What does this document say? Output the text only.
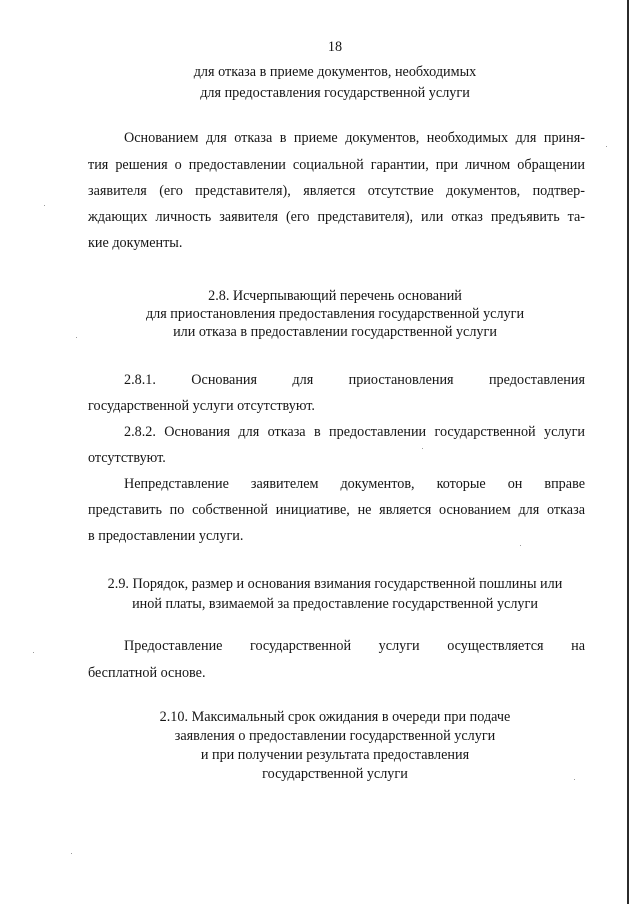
18
для отказа в приеме документов, необходимых
для предоставления государственной услуги
Основанием для отказа в приеме документов, необходимых для приня-
тия решения о предоставлении социальной гарантии, при личном обращении
заявителя (его представителя), является отсутствие документов, подтвер-
ждающих личность заявителя (его представителя), или отказ предъявить та-
кие документы.
2.8. Исчерпывающий перечень оснований
для приостановления предоставления государственной услуги
или отказа в предоставлении государственной услуги
2.8.1. Основания для приостановления предоставления
государственной услуги отсутствуют.
2.8.2. Основания для отказа в предоставлении государственной услуги
отсутствуют.
Непредставление заявителем документов, которые он вправе
представить по собственной инициативе, не является основанием для отказа
в предоставлении услуги.
2.9. Порядок, размер и основания взимания государственной пошлины или
иной платы, взимаемой за предоставление государственной услуги
Предоставление государственной услуги осуществляется на
бесплатной основе.
2.10. Максимальный срок ожидания в очереди при подаче
заявления о предоставлении государственной услуги
и при получении результата предоставления
государственной услуги
